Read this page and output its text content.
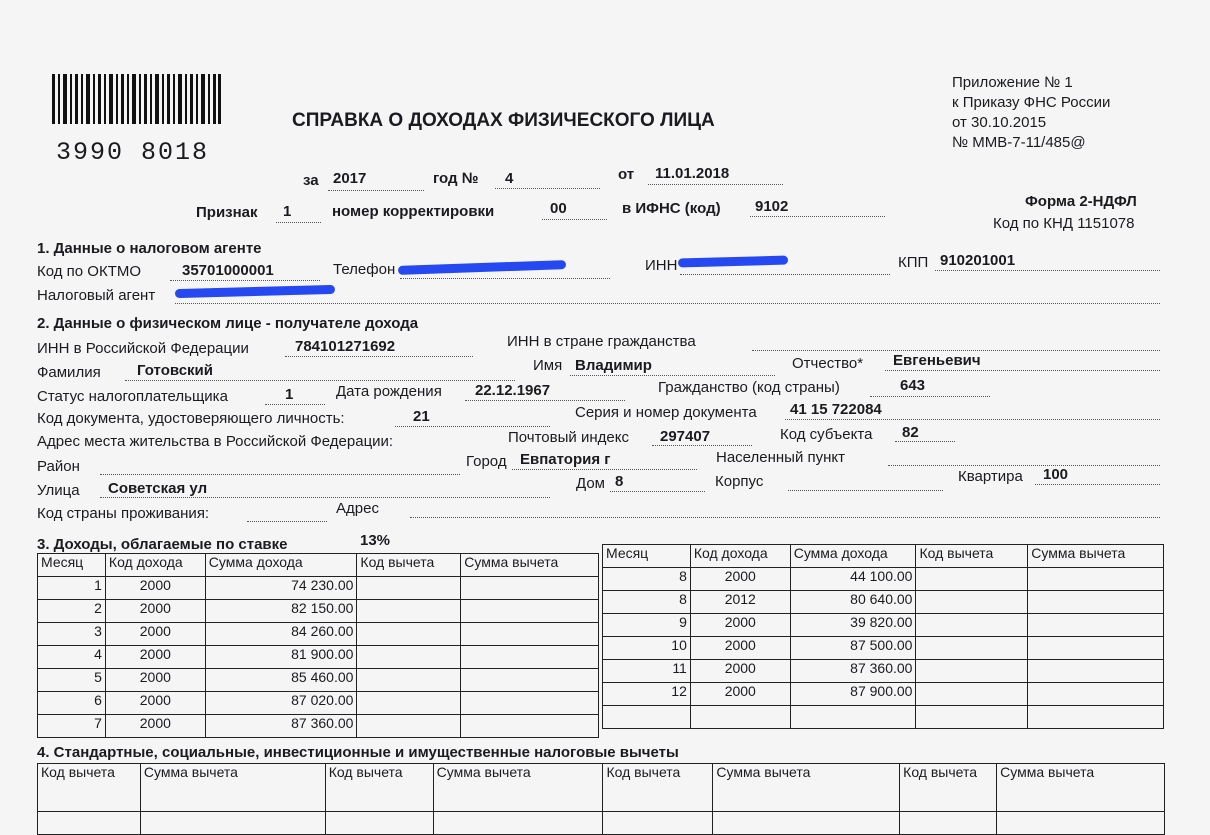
3990 8018
СПРАВКА О ДОХОДАХ ФИЗИЧЕСКОГО ЛИЦА
Приложение № 1
к Приказу ФНС России
от 30.10.2015
№ ММВ-7-11/485@
за 2017	год № 4	от 11.01.2018
Признак 1	номер корректировки	00	в ИФНС (код) 9102	Форма 2-НДФЛ
Код по КНД 1151078
1. Данные о налоговом агенте
Код по ОКТМО	35701000001	Телефон	ИНН	КПП 910201001
Налоговый агент
2. Данные о физическом лице - получателе дохода
ИНН в Российской Федерации	784101271692	ИНН в стране гражданства
Фамилия Готовский	Имя Владимир	Отчество* Евгеньевич
Статус налогоплательщика	1	Дата рождения 22.12.1967	Гражданство (код страны)	643
Код документа, удостоверяющего личность:	21	Серия и номер документа 41 15 722084
Адрес места жительства в Российской Федерации:	Почтовый индекс 297407	Код субъекта 82
Район	Город Евпатория г	Населенный пункт
Улица Советская ул	Дом 8	Корпус	Квартира 100
Код страны проживания:	Адрес
3. Доходы, облагаемые по ставке	13%
Месяц	Код дохода	Сумма дохода	Код вычета	Сумма вычета
1	2000	74 230.00		
2	2000	82 150.00		
3	2000	84 260.00		
4	2000	81 900.00		
5	2000	85 460.00		
6	2000	87 020.00		
7	2000	87 360.00		
Месяц	Код дохода	Сумма дохода	Код вычета	Сумма вычета
8	2000	44 100.00		
8	2012	80 640.00		
9	2000	39 820.00		
10	2000	87 500.00		
11	2000	87 360.00		
12	2000	87 900.00		

4. Стандартные, социальные, инвестиционные и имущественные налоговые вычеты
Код вычета	Сумма вычета	Код вычета	Сумма вычета	Код вычета	Сумма вычета	Код вычета	Сумма вычета
